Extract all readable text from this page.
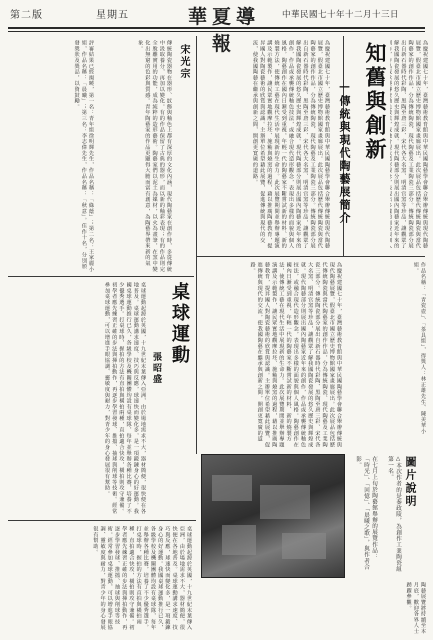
第二版	星期五	華夏導報
中華民國七十年十二月十三日
知舊與創新
—傳統與現代陶藝展簡介
為慶祝建國七十年，臺灣藝術教育館與中華民國陶藝學會聯合舉辦傳統與現代陶藝展覽，假臺北市國立歷史博物館國家畫廊展出。此次展品包括歷代傳統陶瓷與當代陶藝家的創作作品，分為傳統陶瓷、現代陶藝及工業陶瓷三部分。傳統陶瓷部分展出自新石器時代彩陶、黑陶至唐三彩、宋代各大名窯、明清官窯等珍品，讓觀眾了解我國陶瓷發展的悠久歷史與輝煌成就。現代陶藝部分則展出國內陶藝家近年來的
為慶祝建國七十年，臺灣藝術教育館與中華民國陶藝學會聯合舉辦傳統與現代陶藝展覽，假臺北市國立歷史博物館國家畫廊展出。此次展品包括歷代傳統陶瓷與當代陶藝家的創作作品，分為傳統陶瓷、現代陶藝及工業陶瓷三部分。傳統陶瓷部分展出自新石器時代彩陶、黑陶至唐三彩、宋代各大名窯、明清官窯等珍品，讓觀眾了解我國陶瓷發展的悠久歷史與輝煌成就。現代陶藝部分則展出國內陶藝家近年來的創作，作品或承襲傳統釉色技法，或融合現代造形觀念，表現出多樣的面貌與個人風格。陶藝創作在國內日漸受到重視，年輕一代的陶藝家不斷嘗試新的材料、新的燒製方法，使傳統工藝在現代生活中展現新的生命力。此次展覽期間並舉辦專題演講及示範製作，讓民眾實地觀摩拉坯、施釉與燒窯的過程，藉以推廣陶藝教育，提昇國人對陶瓷藝術的欣賞與認識。主辦單位希望藉此展覽，促進傳統與現代的交流，使我國陶藝在繼承與創新之間，開創更寬廣的道路。
宋光宗
傳統陶瓷器物在器形、紋飾與釉色上都有深厚的文化內涵，現代陶藝家在創作時，多從傳統中汲取養分，再加以變化。有的作品保留了古典的器形，而以新的釉彩表現；有的作品則完全脫離實用的功能，成為純粹的造形藝術。陶藝家們以泥土為媒材，以火為畫筆，在窯中變化出無窮的色彩與質感。青年陶藝家的作品更顯得大膽而富有創意，為陶藝界帶來新的氣象。
評審結果已經揭曉，第一名：青年組徐明輝先生，作品名稱：「綠蔭」；第二名：王家麗小姐，作品名稱：「晨曦」；第三名：李志偉先生，作品名稱：「秋意」。佳作十名，分別頒發獎狀及獎品，以資鼓勵。
作品名稱：「青瓷壺」、「茶具組」，得獎人：林正雄先生、陳美華小姐。
為慶祝建國七十年，臺灣藝術教育館與中華民國陶藝學會聯合舉辦傳統與現代陶藝展覽，假臺北市國立歷史博物館國家畫廊展出。此次展品包括歷代傳統陶瓷與當代陶藝家的創作作品，分為傳統陶瓷、現代陶藝及工業陶瓷三部分。傳統陶瓷部分展出自新石器時代彩陶、黑陶至唐三彩、宋代各大名窯、明清官窯等珍品，讓觀眾了解我國陶瓷發展的悠久歷史與輝煌成就。現代陶藝部分則展出國內陶藝家近年來的創作，作品或承襲傳統釉色技法，或融合現代造形觀念，表現出多樣的面貌與個人風格。陶藝創作在國內日漸受到重視，年輕一代的陶藝家不斷嘗試新的材料、新的燒製方法，使傳統工藝在現代生活中展現新的生命力。此次展覽期間並舉辦專題演講及示範製作，讓民眾實地觀摩拉坯、施釉與燒窯的過程，藉以推廣陶藝教育，提昇國人對陶瓷藝術的欣賞與認識。主辦單位希望藉此展覽，促進傳統與現代的交流，使我國陶藝在繼承與創新之間，開創更寬廣的道路。
桌球運動
張昭盛
桌球運動起源於英國，十九世紀末葉傳入亞洲，由於場地需求不大，器材簡便，很快便在各地普及。桌球運動講求速度、技巧與反應，球速快而變化多，是一項鍛鍊身心的好運動。我國桌球運動推行已久，各級學校及機關團體均設有桌球隊，每年並舉辦各種比賽，培養了不少優秀選手。打桌球時，握拍的方法有直拍與橫拍兩種，直拍適合快攻，橫拍則攻守兼備。初學者應先練習正確的步法與揮拍動作，再逐步學習發球、推擋、抽球與削球等技術。經常參加桌球運動，可以增進手眼協調、靈敏度與耐力，對青少年的身心發展很有幫助。
桌球運動起源於英國，十九世紀末葉傳入亞洲，由於場地需求不大，器材簡便，很快便在各地普及。桌球運動講求速度、技巧與反應，球速快而變化多，是一項鍛鍊身心的好運動。我國桌球運動推行已久，各級學校及機關團體均設有桌球隊，每年並舉辦各種比賽，培養了不少優秀選手。打桌球時，握拍的方法有直拍與橫拍兩種，直拍適合快攻，橫拍則攻守兼備。初學者應先練習正確的步法與揮拍動作，再逐步學習發球、推擋、抽球與削球等技術。經常參加桌球運動，可以增進手眼協調、靈敏度與耐力，對青少年的身心發展很有幫助。
圖片說明
△本次作者的是秦政陵，為創作工業陶瓷組第一名。
在七月上旬於陶藝館舉辦的展覽作品：
「時光」、「回憶」、「晨曦之歌」，與作者合影。
陶藝展覽將持續至本月底，歡迎各界人士踴躍參觀。
